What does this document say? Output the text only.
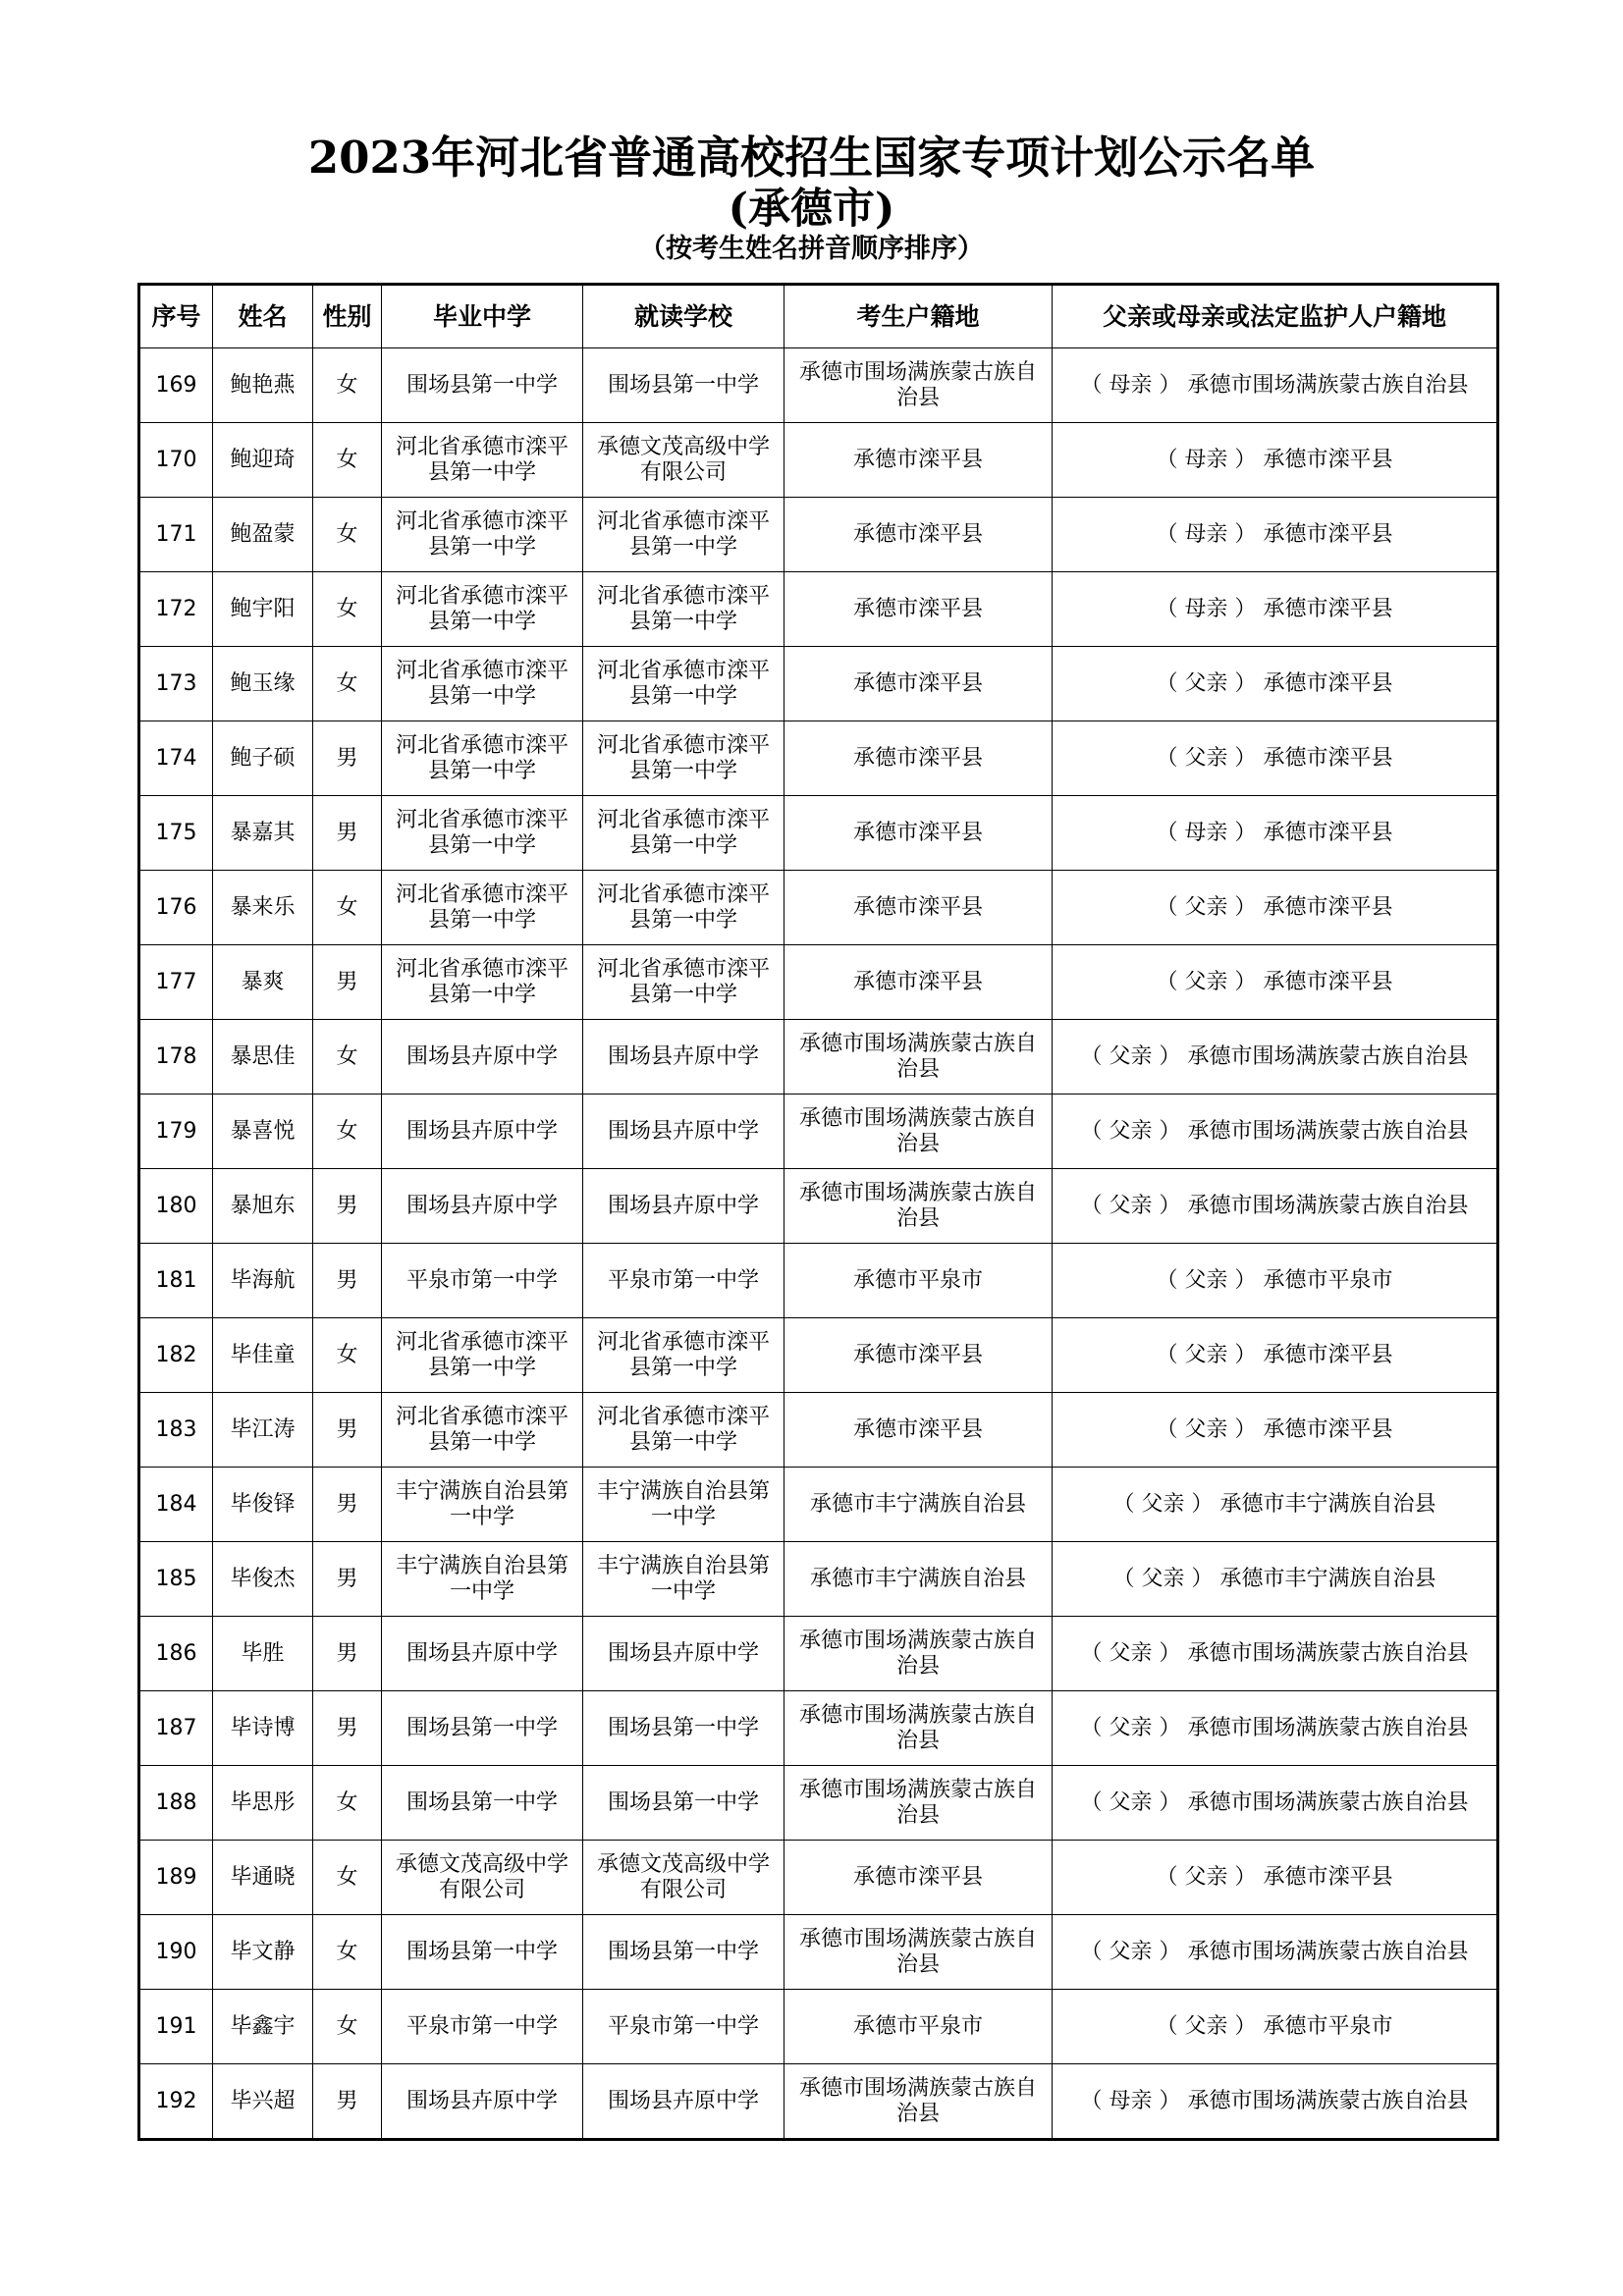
2023年河北省普通高校招生国家专项计划公示名单
(承德市)
（按考生姓名拼音顺序排序）
序号	姓名	性别	毕业中学	就读学校	考生户籍地	父亲或母亲或法定监护人户籍地
169	鲍艳燕	女	围场县第一中学	围场县第一中学	承德市围场满族蒙古族自治县	（ 母亲 ） 承德市围场满族蒙古族自治县
170	鲍迎琦	女	河北省承德市滦平县第一中学	承德文茂高级中学有限公司	承德市滦平县	（ 母亲 ） 承德市滦平县
171	鲍盈蒙	女	河北省承德市滦平县第一中学	河北省承德市滦平县第一中学	承德市滦平县	（ 母亲 ） 承德市滦平县
172	鲍宇阳	女	河北省承德市滦平县第一中学	河北省承德市滦平县第一中学	承德市滦平县	（ 母亲 ） 承德市滦平县
173	鲍玉缘	女	河北省承德市滦平县第一中学	河北省承德市滦平县第一中学	承德市滦平县	（ 父亲 ） 承德市滦平县
174	鲍子硕	男	河北省承德市滦平县第一中学	河北省承德市滦平县第一中学	承德市滦平县	（ 父亲 ） 承德市滦平县
175	暴嘉其	男	河北省承德市滦平县第一中学	河北省承德市滦平县第一中学	承德市滦平县	（ 母亲 ） 承德市滦平县
176	暴来乐	女	河北省承德市滦平县第一中学	河北省承德市滦平县第一中学	承德市滦平县	（ 父亲 ） 承德市滦平县
177	暴爽	男	河北省承德市滦平县第一中学	河北省承德市滦平县第一中学	承德市滦平县	（ 父亲 ） 承德市滦平县
178	暴思佳	女	围场县卉原中学	围场县卉原中学	承德市围场满族蒙古族自治县	（ 父亲 ） 承德市围场满族蒙古族自治县
179	暴喜悦	女	围场县卉原中学	围场县卉原中学	承德市围场满族蒙古族自治县	（ 父亲 ） 承德市围场满族蒙古族自治县
180	暴旭东	男	围场县卉原中学	围场县卉原中学	承德市围场满族蒙古族自治县	（ 父亲 ） 承德市围场满族蒙古族自治县
181	毕海航	男	平泉市第一中学	平泉市第一中学	承德市平泉市	（ 父亲 ） 承德市平泉市
182	毕佳童	女	河北省承德市滦平县第一中学	河北省承德市滦平县第一中学	承德市滦平县	（ 父亲 ） 承德市滦平县
183	毕江涛	男	河北省承德市滦平县第一中学	河北省承德市滦平县第一中学	承德市滦平县	（ 父亲 ） 承德市滦平县
184	毕俊铎	男	丰宁满族自治县第一中学	丰宁满族自治县第一中学	承德市丰宁满族自治县	（ 父亲 ） 承德市丰宁满族自治县
185	毕俊杰	男	丰宁满族自治县第一中学	丰宁满族自治县第一中学	承德市丰宁满族自治县	（ 父亲 ） 承德市丰宁满族自治县
186	毕胜	男	围场县卉原中学	围场县卉原中学	承德市围场满族蒙古族自治县	（ 父亲 ） 承德市围场满族蒙古族自治县
187	毕诗博	男	围场县第一中学	围场县第一中学	承德市围场满族蒙古族自治县	（ 父亲 ） 承德市围场满族蒙古族自治县
188	毕思彤	女	围场县第一中学	围场县第一中学	承德市围场满族蒙古族自治县	（ 父亲 ） 承德市围场满族蒙古族自治县
189	毕通晓	女	承德文茂高级中学有限公司	承德文茂高级中学有限公司	承德市滦平县	（ 父亲 ） 承德市滦平县
190	毕文静	女	围场县第一中学	围场县第一中学	承德市围场满族蒙古族自治县	（ 父亲 ） 承德市围场满族蒙古族自治县
191	毕鑫宇	女	平泉市第一中学	平泉市第一中学	承德市平泉市	（ 父亲 ） 承德市平泉市
192	毕兴超	男	围场县卉原中学	围场县卉原中学	承德市围场满族蒙古族自治县	（ 母亲 ） 承德市围场满族蒙古族自治县
